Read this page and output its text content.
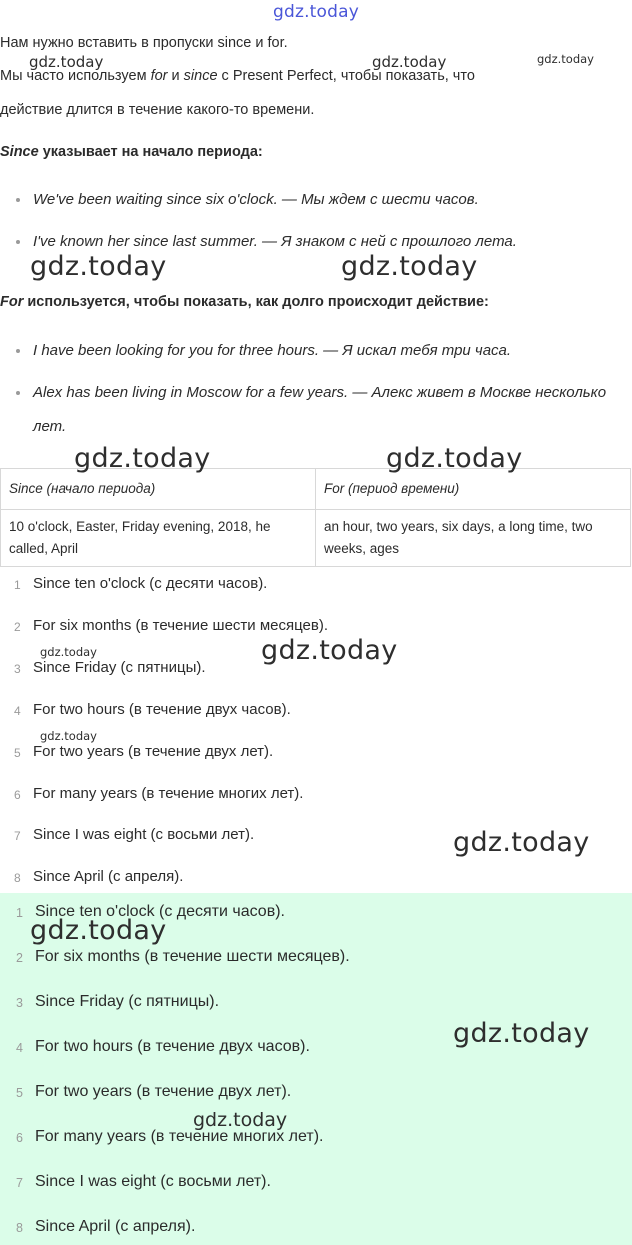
gdz.today

Нам нужно вставить в пропуски since и for.

Мы часто используем for и since с Present Perfect, чтобы показать, что

действие длится в течение какого-то времени.

Since указывает на начало периода:

We've been waiting since six o'clock. — Мы ждем с шести часов.
I've known her since last summer. — Я знаком с ней с прошлого лета.

For используется, чтобы показать, как долго происходит действие:

I have been looking for you for three hours. — Я искал тебя три часа.
Alex has been living in Moscow for a few years. — Алекс живет в Москве несколько лет.
Since (начало периода)	For (период времени)
10 o'clock, Easter, Friday evening, 2018, he called, April	an hour, two years, six days, a long time, two weeks, ages
1 Since ten o'clock (с десяти часов).
2 For six months (в течение шести месяцев).
3 Since Friday (с пятницы).
4 For two hours (в течение двух часов).
5 For two years (в течение двух лет).
6 For many years (в течение многих лет).
7 Since I was eight (с восьми лет).
8 Since April (с апреля).
1 Since ten o'clock (с десяти часов).
2 For six months (в течение шести месяцев).
3 Since Friday (с пятницы).
4 For two hours (в течение двух часов).
5 For two years (в течение двух лет).
6 For many years (в течение многих лет).
7 Since I was eight (с восьми лет).
8 Since April (с апреля).
gdz.today	gdz.today	gdz.today
gdz.today	gdz.today
gdz.today	gdz.today
gdz.today
gdz.today
gdz.today
gdz.today
gdz.today
gdz.today
gdz.today
